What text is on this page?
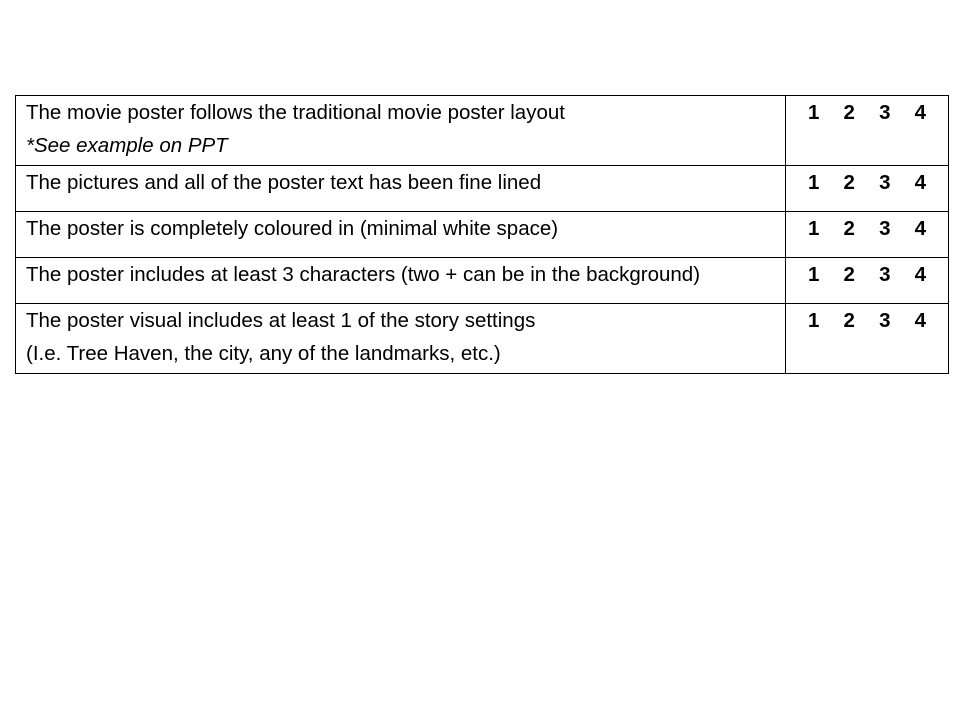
The movie poster follows the traditional movie poster layout
*See example on PPT	1 2 3 4

The pictures and all of the poster text has been fine lined	1 2 3 4

The poster is completely coloured in (minimal white space)	1 2 3 4

The poster includes at least 3 characters (two + can be in the background)	1 2 3 4

The poster visual includes at least 1 of the story settings
(I.e. Tree Haven, the city, any of the landmarks, etc.)	1 2 3 4
